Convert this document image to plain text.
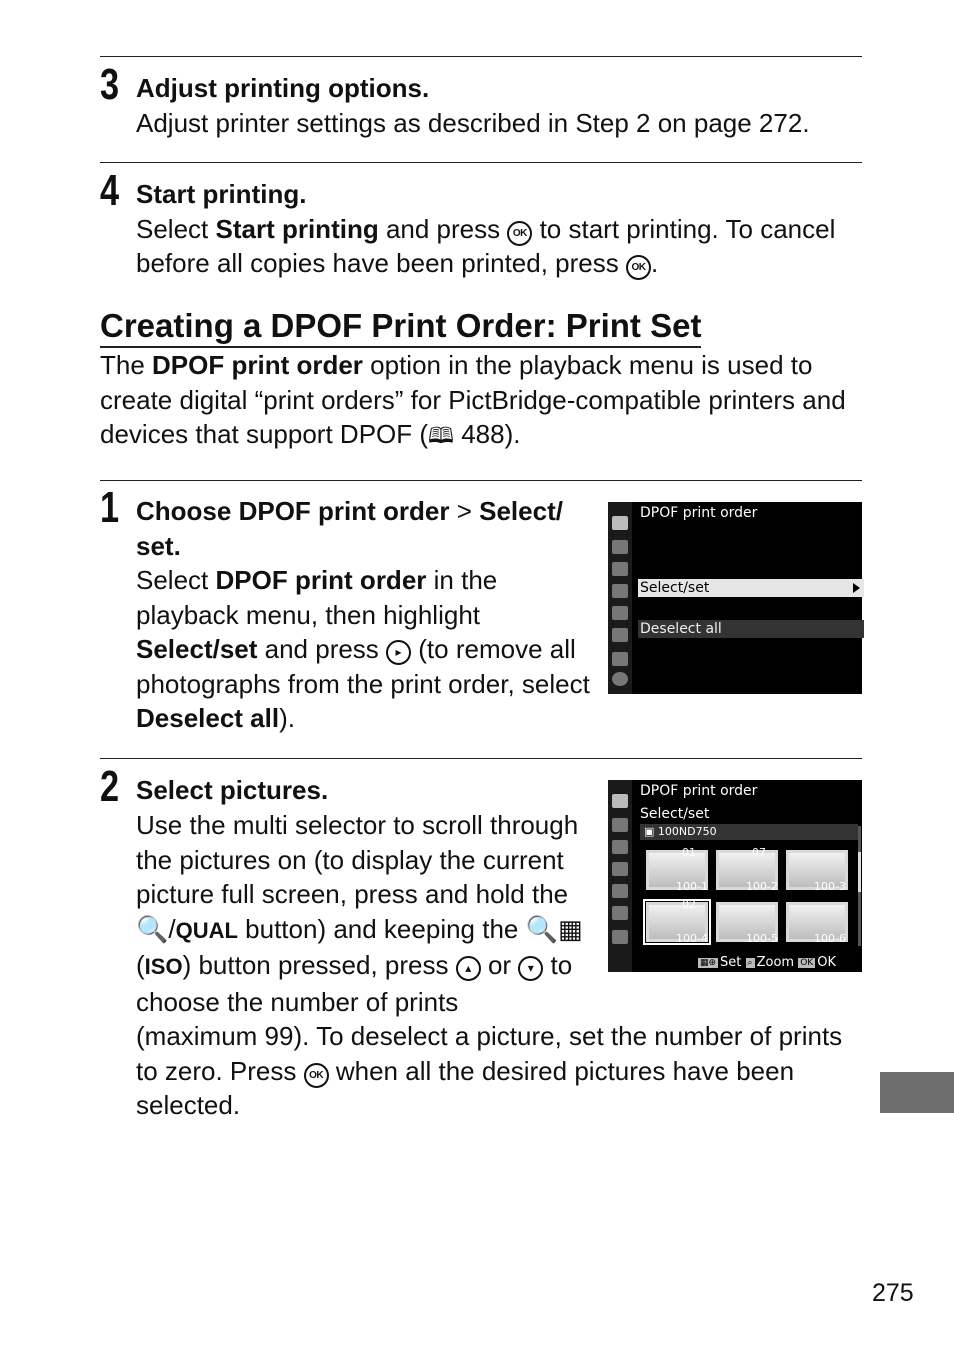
3 Adjust printing options.
Adjust printer settings as described in Step 2 on page 272.
4 Start printing.
Select Start printing and press OK to start printing. To cancel before all copies have been printed, press OK .
Creating a DPOF Print Order: Print Set
The DPOF print order option in the playback menu is used to create digital “print orders” for PictBridge-compatible printers and devices that support DPOF (🕮 488).
1 Choose DPOF print order > Select/ set.
Select DPOF print order in the playback menu, then highlight Select/set and press ▸ (to remove all photographs from the print order, select Deselect all).
DPOF print order
Select/set
Deselect all
2 Select pictures.
Use the multi selector to scroll through the pictures on (to display the current picture full screen, press and hold the 🔍/QUAL button) and keeping the 🔍▦ (ISO) button pressed, press ▴ or ▾ to choose the number of prints (maximum 99). To deselect a picture, set the number of prints to zero. Press OK when all the desired pictures have been selected.
DPOF print order
Select/set
▣ 100ND750
01	07
02
100-1	100-2	100-3
100-4	100-5	100-6
▦⊕ Set ⌕ Zoom OK OK
275
